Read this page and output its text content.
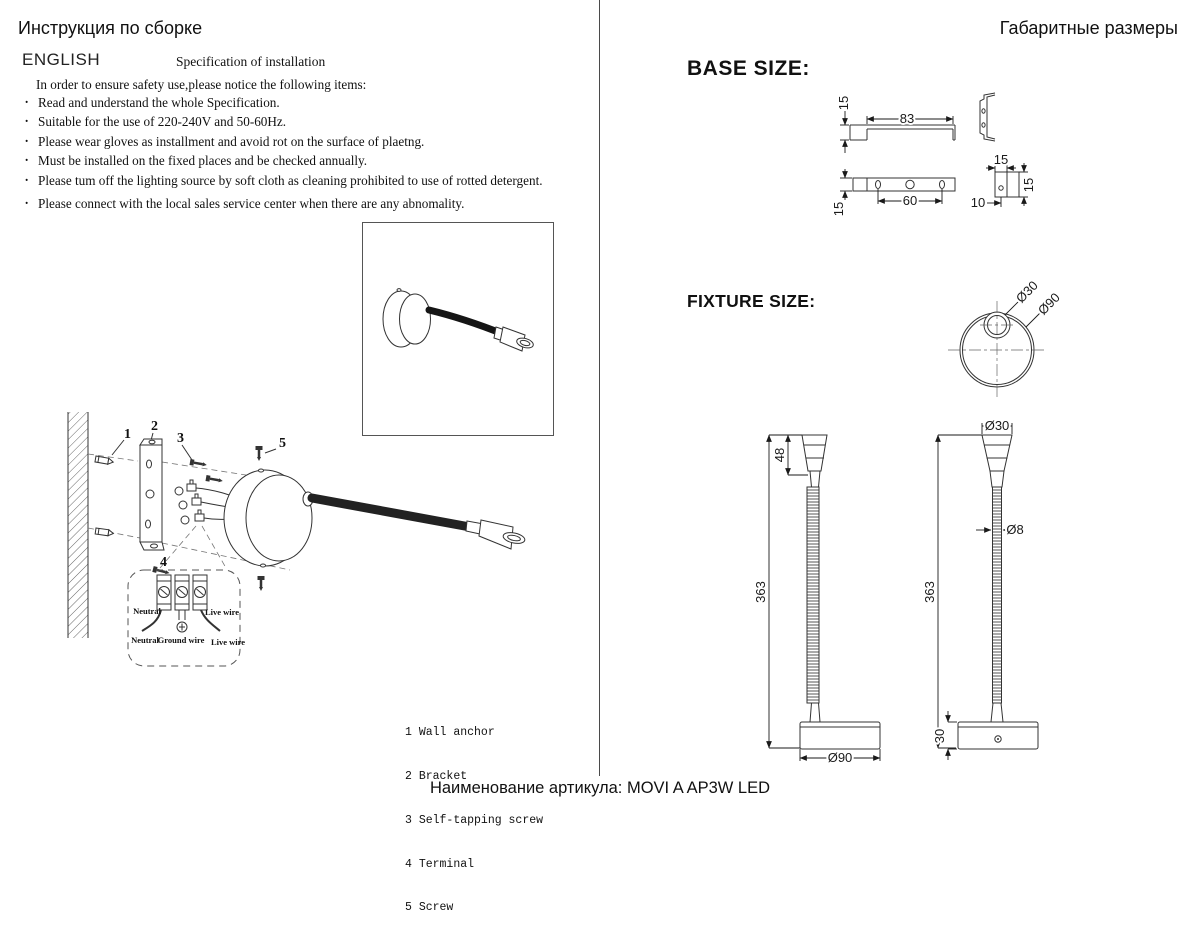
Инструкция по сборке	Габаритные размеры
ENGLISH	Specification of installation
In order to ensure safety use,please notice the following items:
. Read and understand the whole Specification.
. Suitable for the use of 220-240V and 50-60Hz.
. Please wear gloves as installment and avoid rot on the surface of plaetng.
. Must be installed on the fixed places and be checked annually.
. Please tum off the lighting source by soft cloth as cleaning prohibited to use of rotted detergent.
. Please connect with the local sales service center when there are any abnomality.
1
2
3	5
4
Neutral	Live wire
Neutral
Ground wire Live wire

1 Wall anchor

2 Bracket

3 Self-tapping screw

4 Terminal

5 Screw

BASE SIZE:
15
83
15
60
15
15
10
FIXTURE SIZE:	Ø30
Ø90
363
48
Ø90
Ø30
363
Ø8
30
Наименование артикула: MOVI A AP3W LED
